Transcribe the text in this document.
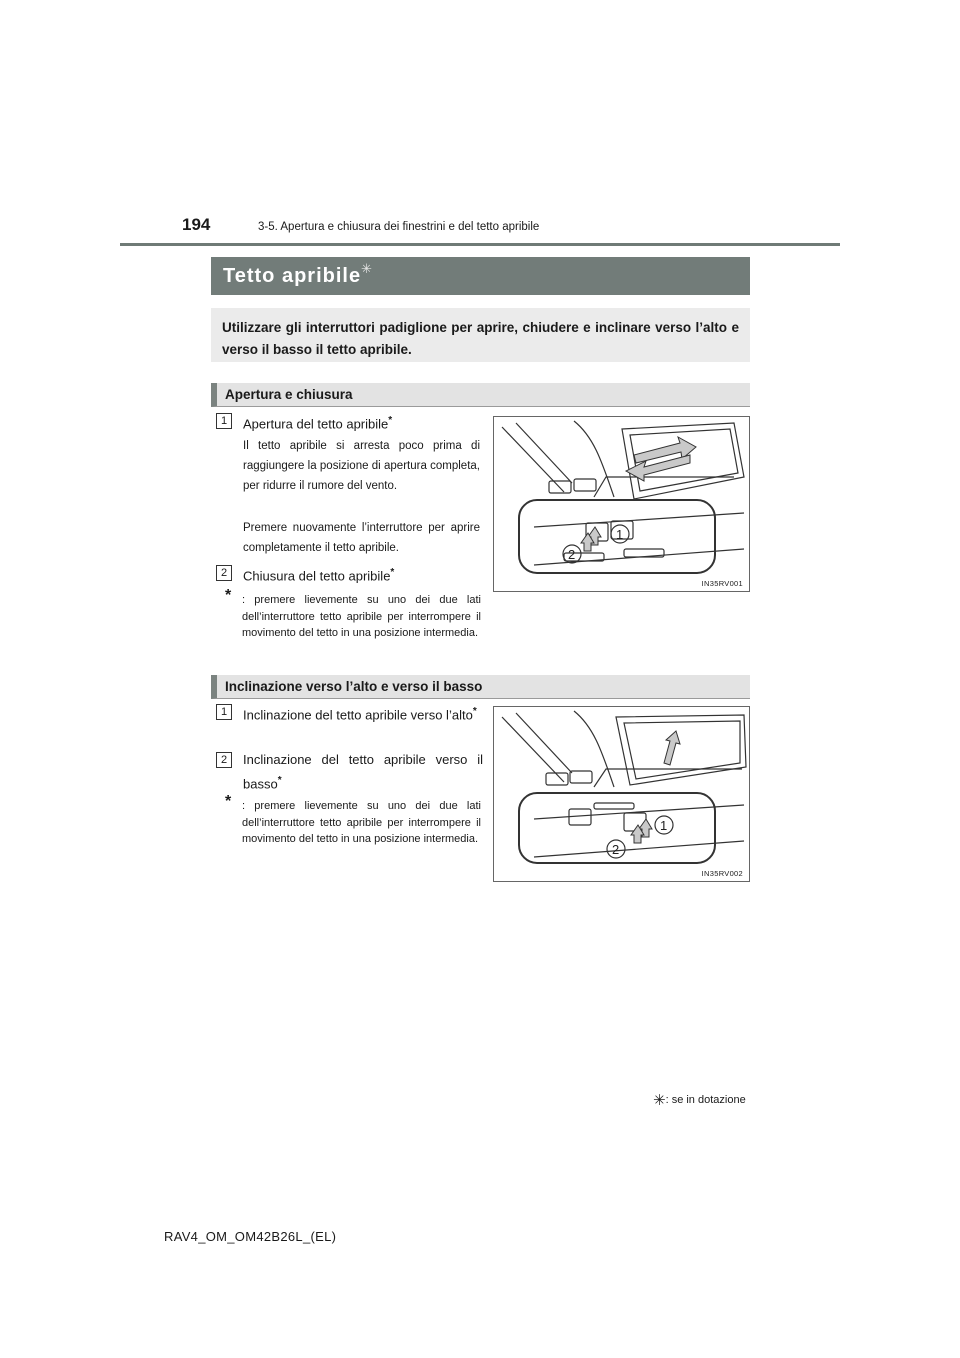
194	3-5. Apertura e chiusura dei finestrini e del tetto apribile
Tetto apribile✳
Utilizzare gli interruttori padiglione per aprire, chiudere e inclinare verso l’alto e verso il basso il tetto apribile.
Apertura e chiusura
1	Apertura del tetto apribile*
Il tetto apribile si arresta poco prima di raggiungere la posizione di apertura completa, per ridurre il rumore del vento.
Premere nuovamente l’interruttore per aprire completamente il tetto apribile.
2	Chiusura del tetto apribile*
* : premere lievemente su uno dei due lati dell’interruttore tetto apribile per interrompere il movimento del tetto in una posizione intermedia.
1
2
IN35RV001
Inclinazione verso l’alto e verso il basso
1	Inclinazione del tetto apribile verso l’alto*
2	Inclinazione del tetto apribile verso il basso*
* : premere lievemente su uno dei due lati dell’interruttore tetto apribile per interrompere il movimento del tetto in una posizione intermedia.
1
2
IN35RV002
✳: se in dotazione
RAV4_OM_OM42B26L_(EL)
